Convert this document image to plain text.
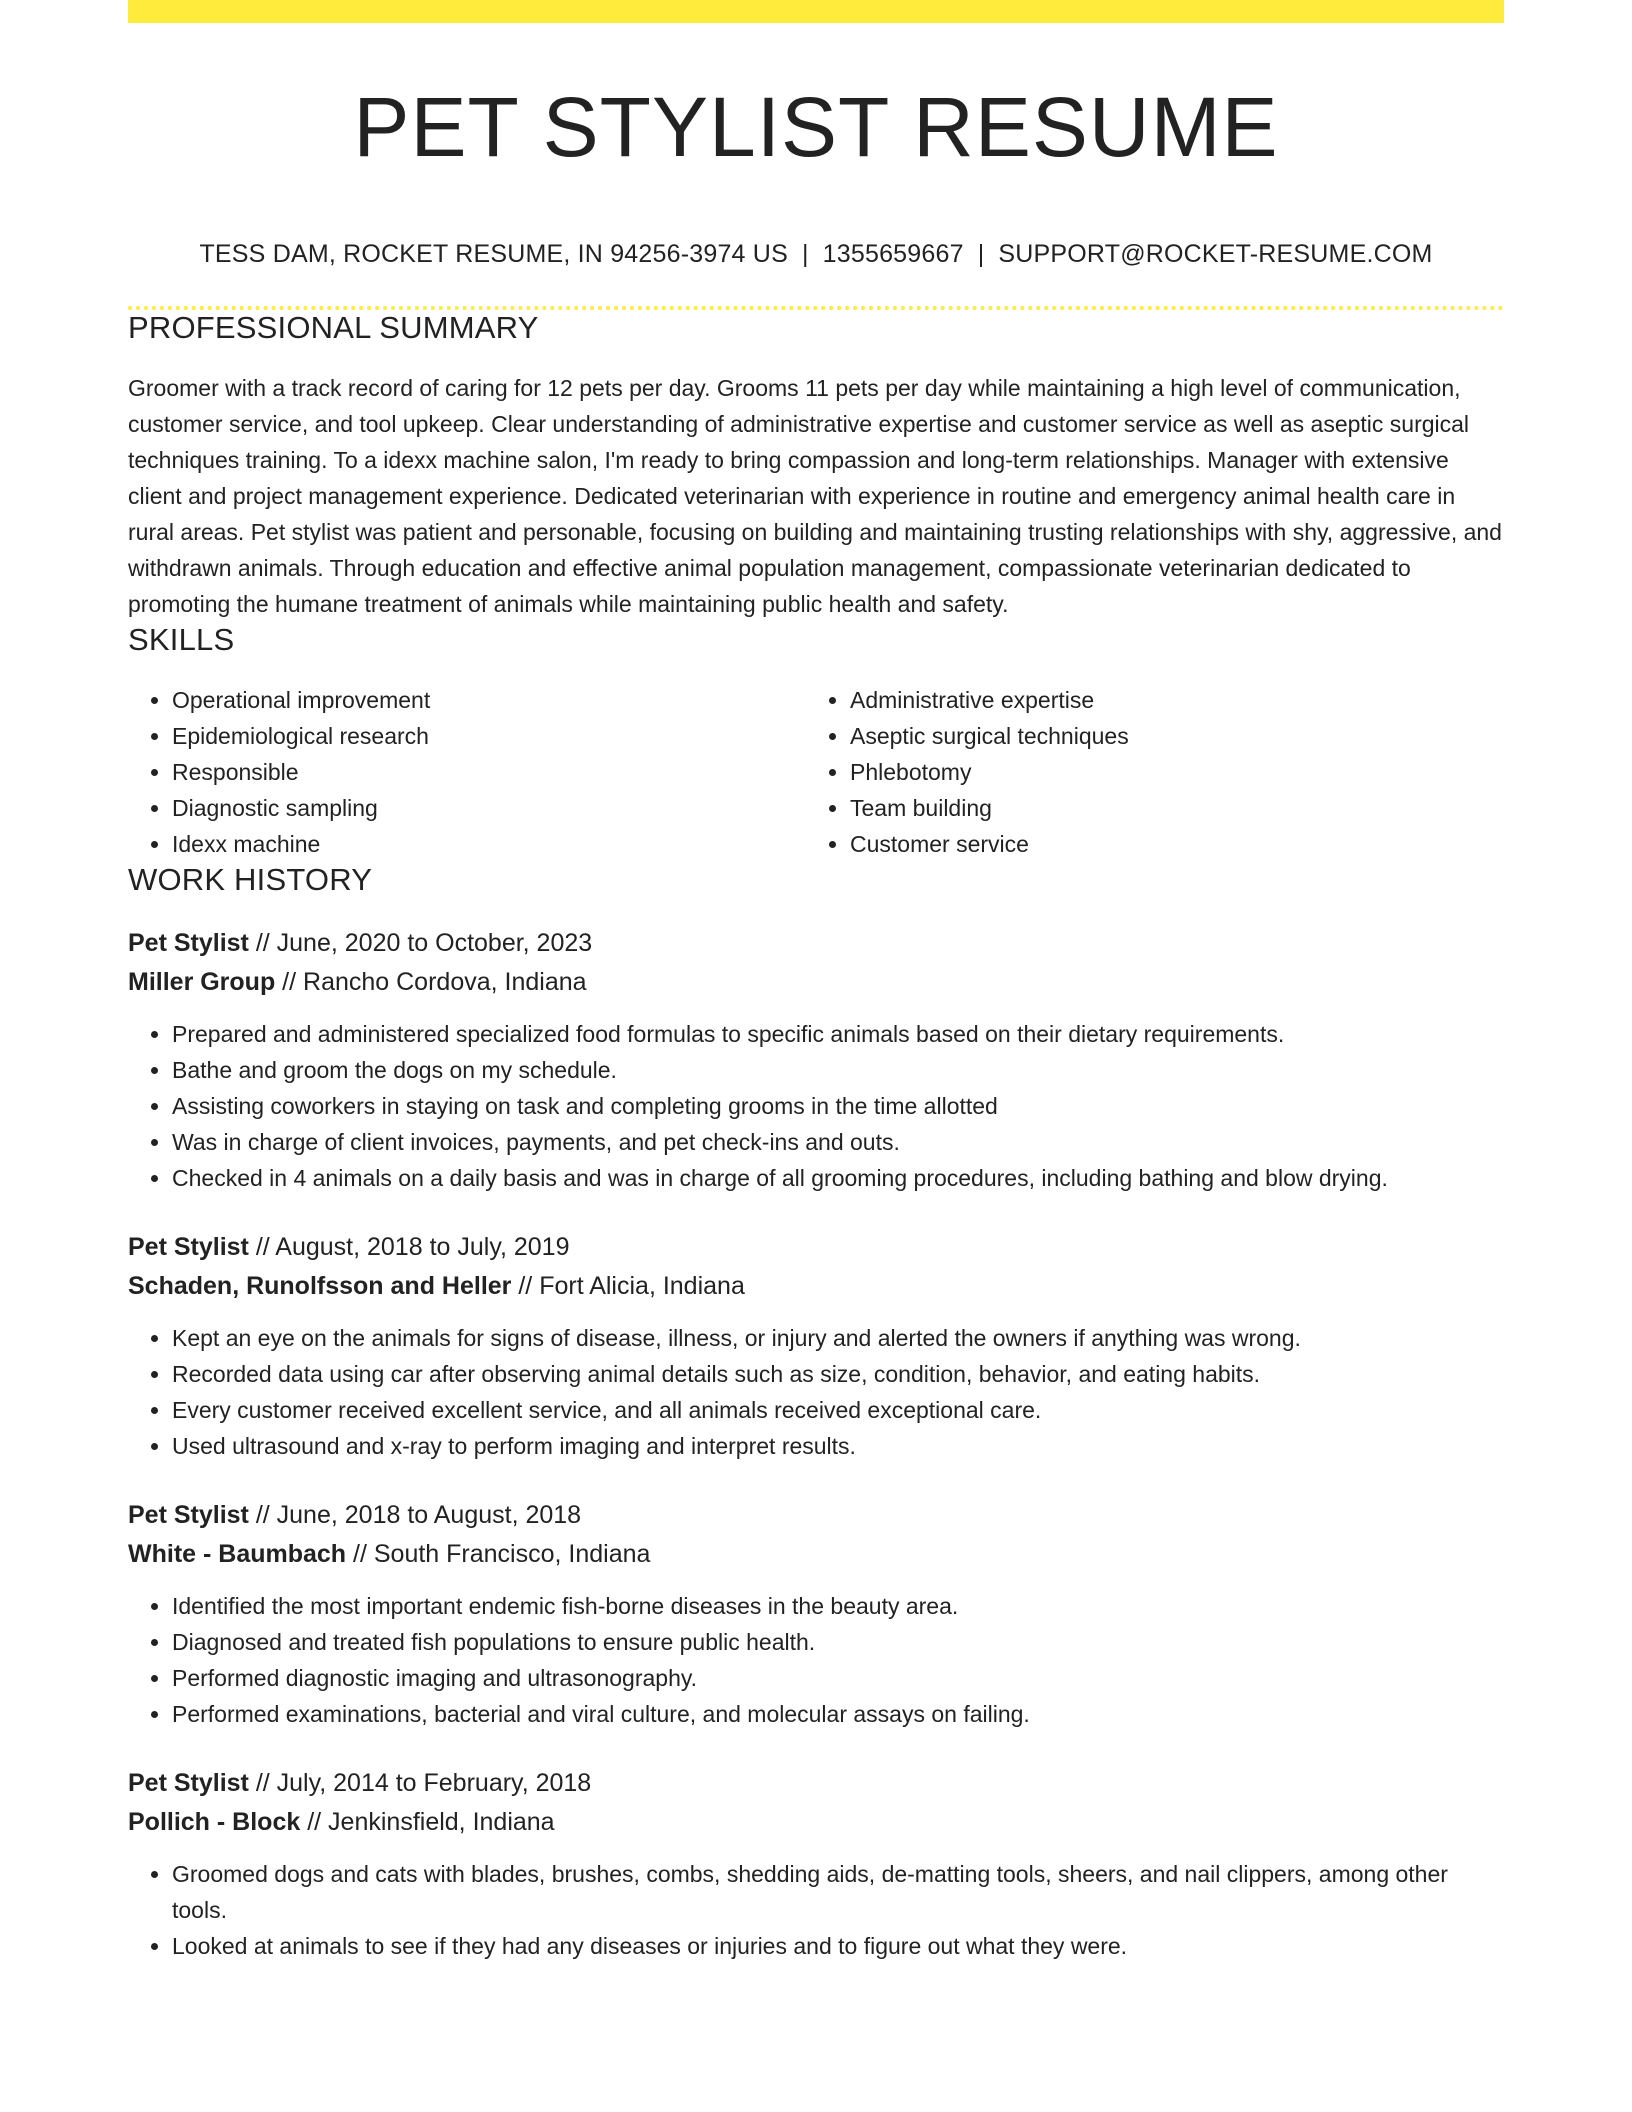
PET STYLIST RESUME
TESS DAM, ROCKET RESUME, IN 94256-3974 US | 1355659667 | SUPPORT@ROCKET-RESUME.COM
PROFESSIONAL SUMMARY

Groomer with a track record of caring for 12 pets per day. Grooms 11 pets per day while maintaining a high level of communication, customer service, and tool upkeep. Clear understanding of administrative expertise and customer service as well as aseptic surgical techniques training. To a idexx machine salon, I'm ready to bring compassion and long-term relationships. Manager with extensive client and project management experience. Dedicated veterinarian with experience in routine and emergency animal health care in rural areas. Pet stylist was patient and personable, focusing on building and maintaining trusting relationships with shy, aggressive, and withdrawn animals. Through education and effective animal population management, compassionate veterinarian dedicated to promoting the humane treatment of animals while maintaining public health and safety.

SKILLS
• Operational improvement
• Epidemiological research
• Responsible
• Diagnostic sampling
• Idexx machine
• Administrative expertise
• Aseptic surgical techniques
• Phlebotomy
• Team building
• Customer service
WORK HISTORY
Pet Stylist // June, 2020 to October, 2023
Miller Group // Rancho Cordova, Indiana
• Prepared and administered specialized food formulas to specific animals based on their dietary requirements.
• Bathe and groom the dogs on my schedule.
• Assisting coworkers in staying on task and completing grooms in the time allotted
• Was in charge of client invoices, payments, and pet check-ins and outs.
• Checked in 4 animals on a daily basis and was in charge of all grooming procedures, including bathing and blow drying.
Pet Stylist // August, 2018 to July, 2019
Schaden, Runolfsson and Heller // Fort Alicia, Indiana
• Kept an eye on the animals for signs of disease, illness, or injury and alerted the owners if anything was wrong.
• Recorded data using car after observing animal details such as size, condition, behavior, and eating habits.
• Every customer received excellent service, and all animals received exceptional care.
• Used ultrasound and x-ray to perform imaging and interpret results.
Pet Stylist // June, 2018 to August, 2018
White - Baumbach // South Francisco, Indiana
• Identified the most important endemic fish-borne diseases in the beauty area.
• Diagnosed and treated fish populations to ensure public health.
• Performed diagnostic imaging and ultrasonography.
• Performed examinations, bacterial and viral culture, and molecular assays on failing.
Pet Stylist // July, 2014 to February, 2018
Pollich - Block // Jenkinsfield, Indiana
• Groomed dogs and cats with blades, brushes, combs, shedding aids, de-matting tools, sheers, and nail clippers, among other tools.
• Looked at animals to see if they had any diseases or injuries and to figure out what they were.
